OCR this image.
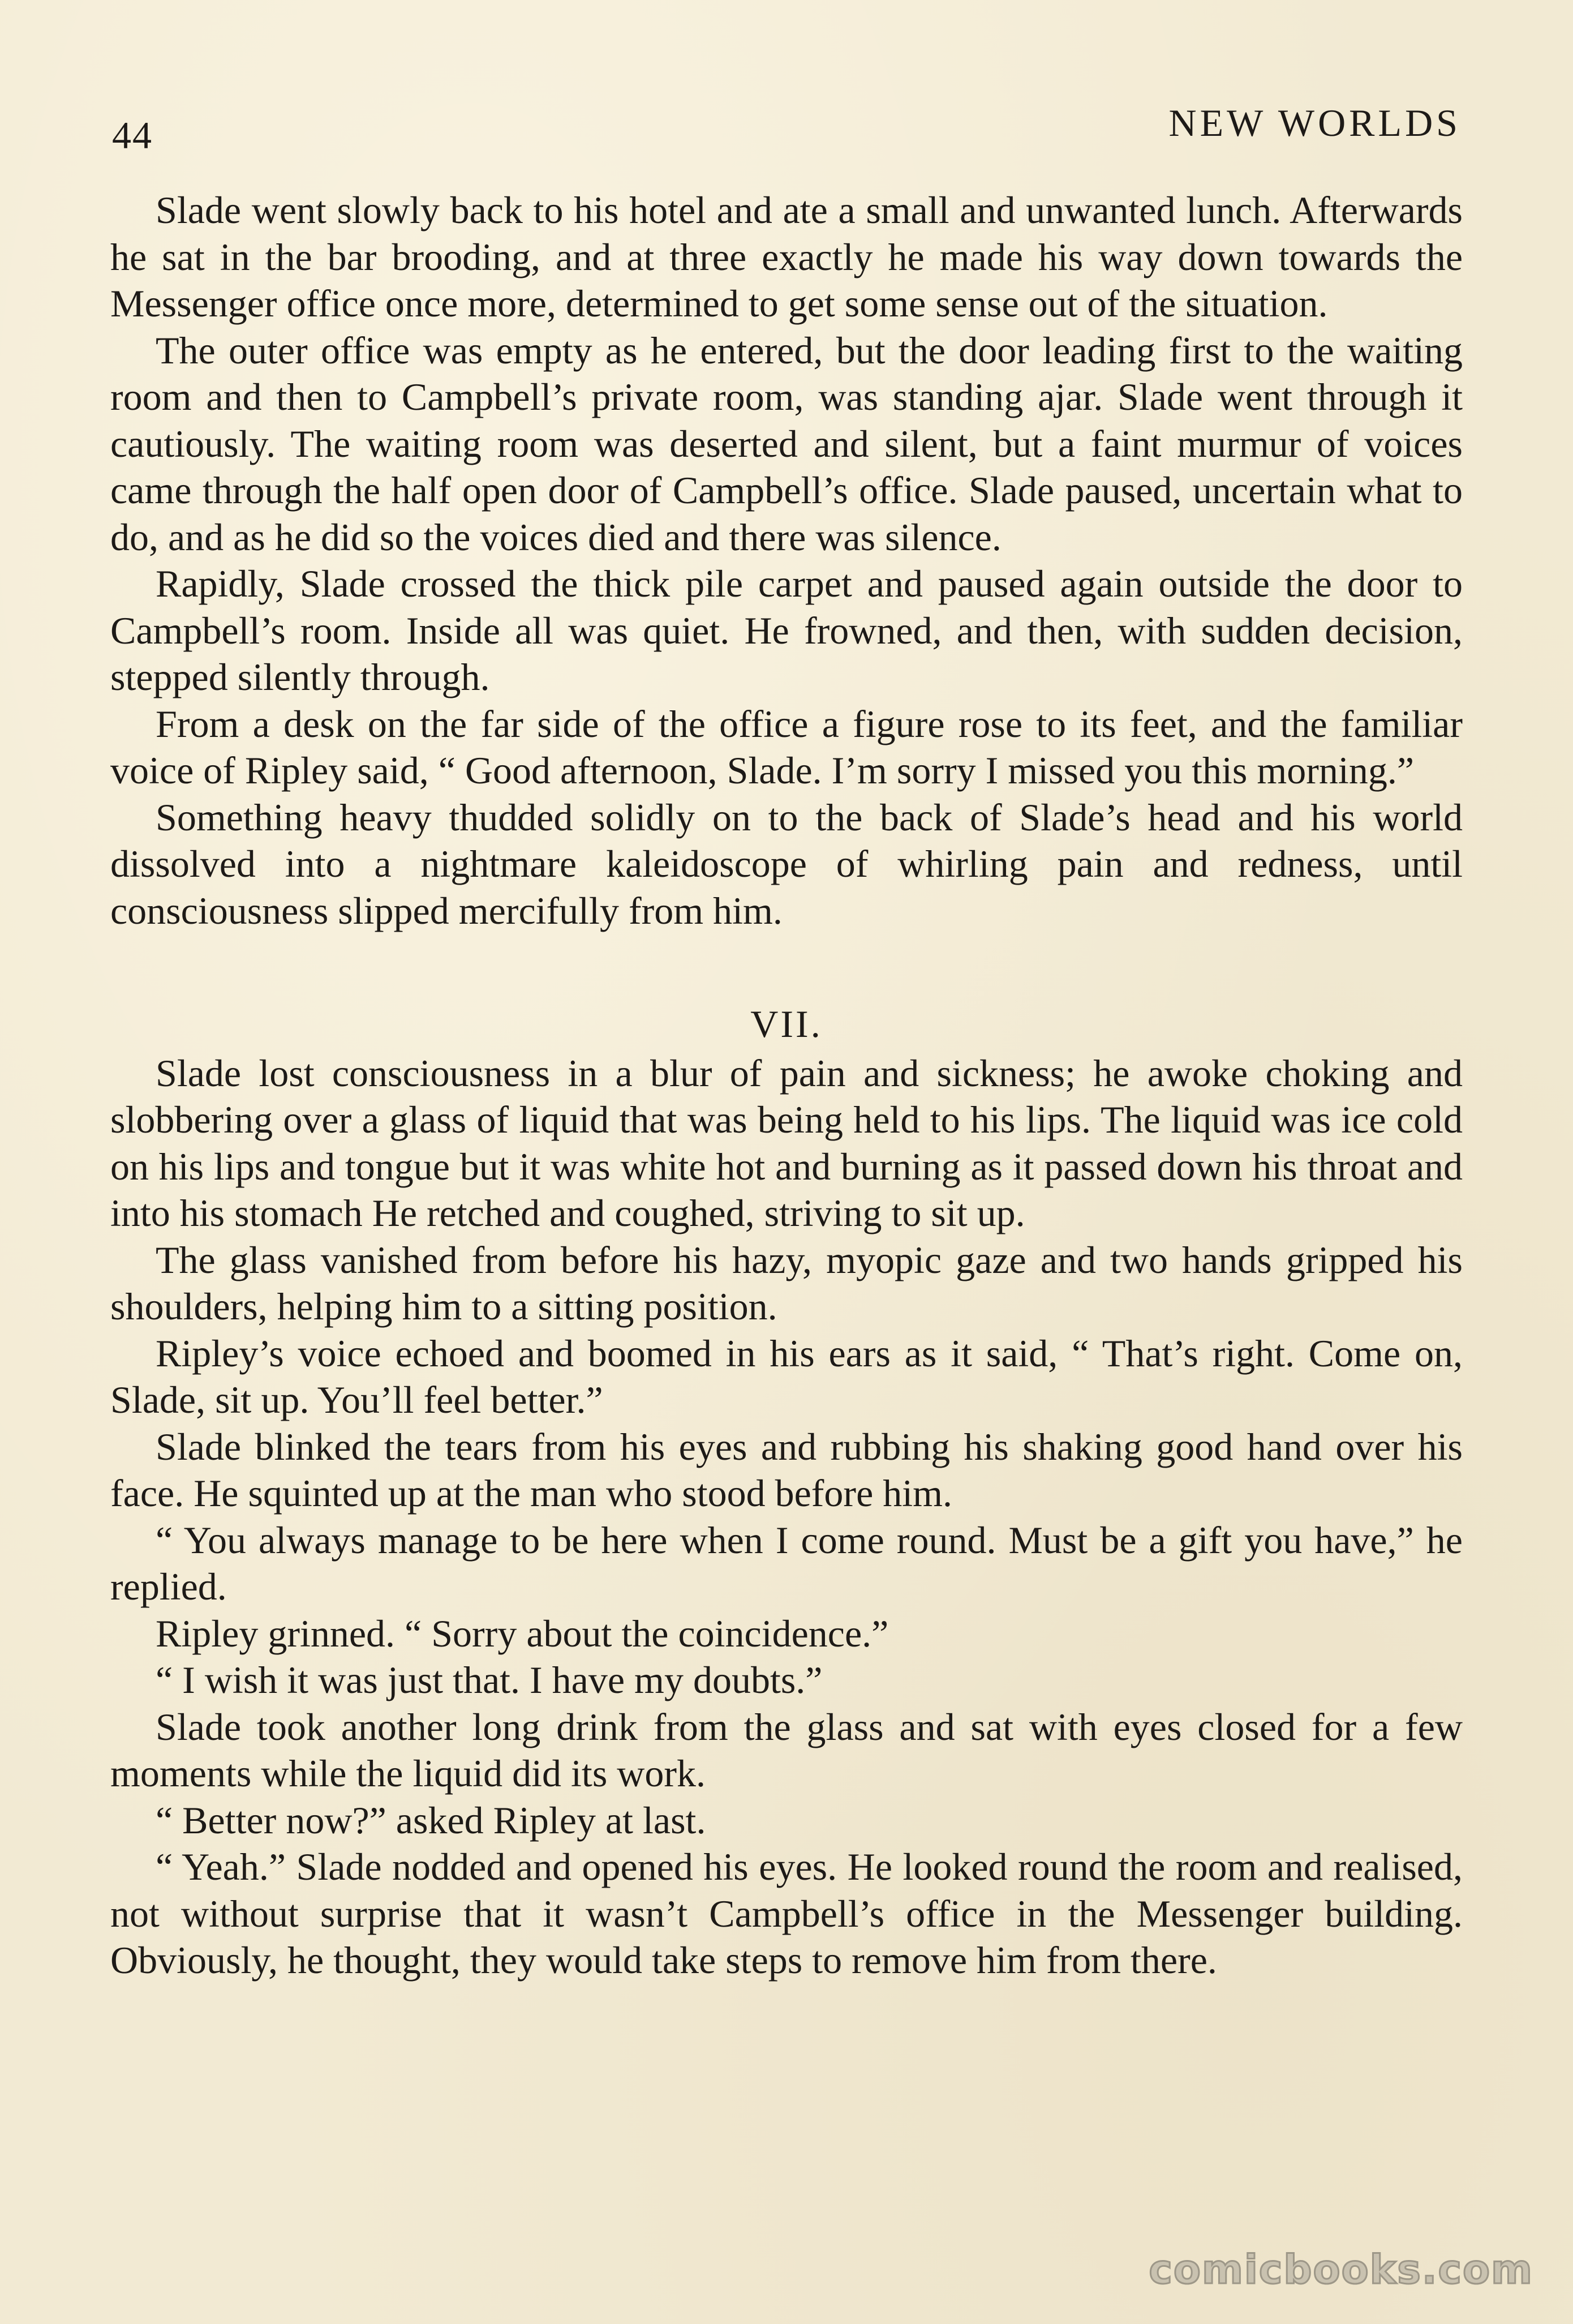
44	NEW WORLDS

Slade went slowly back to his hotel and ate a small and unwanted lunch. Afterwards he sat in the bar brooding, and at three exactly he made his way down towards the Messenger office once more, determined to get some sense out of the situation.

The outer office was empty as he entered, but the door leading first to the waiting room and then to Campbell’s private room, was standing ajar. Slade went through it cautiously. The waiting room was deserted and silent, but a faint murmur of voices came through the half open door of Campbell’s office. Slade paused, uncertain what to do, and as he did so the voices died and there was silence.

Rapidly, Slade crossed the thick pile carpet and paused again outside the door to Campbell’s room. Inside all was quiet. He frowned, and then, with sudden decision, stepped silently through.

From a desk on the far side of the office a figure rose to its feet, and the familiar voice of Ripley said, “ Good afternoon, Slade. I’m sorry I missed you this morning.”

Something heavy thudded solidly on to the back of Slade’s head and his world dissolved into a nightmare kaleidoscope of whirling pain and redness, until consciousness slipped mercifully from him.

VII.

Slade lost consciousness in a blur of pain and sickness; he awoke choking and slobbering over a glass of liquid that was being held to his lips. The liquid was ice cold on his lips and tongue but it was white hot and burning as it passed down his throat and into his stomach He retched and coughed, striving to sit up.

The glass vanished from before his hazy, myopic gaze and two hands gripped his shoulders, helping him to a sitting position.

Ripley’s voice echoed and boomed in his ears as it said, “ That’s right. Come on, Slade, sit up. You’ll feel better.”

Slade blinked the tears from his eyes and rubbing his shaking good hand over his face. He squinted up at the man who stood before him.

“ You always manage to be here when I come round. Must be a gift you have,” he replied.

Ripley grinned. “ Sorry about the coincidence.”

“ I wish it was just that. I have my doubts.”

Slade took another long drink from the glass and sat with eyes closed for a few moments while the liquid did its work.

“ Better now?” asked Ripley at last.

“ Yeah.” Slade nodded and opened his eyes. He looked round the room and realised, not without surprise that it wasn’t Campbell’s office in the Messenger building. Obviously, he thought, they would take steps to remove him from there.

comicbooks.com
